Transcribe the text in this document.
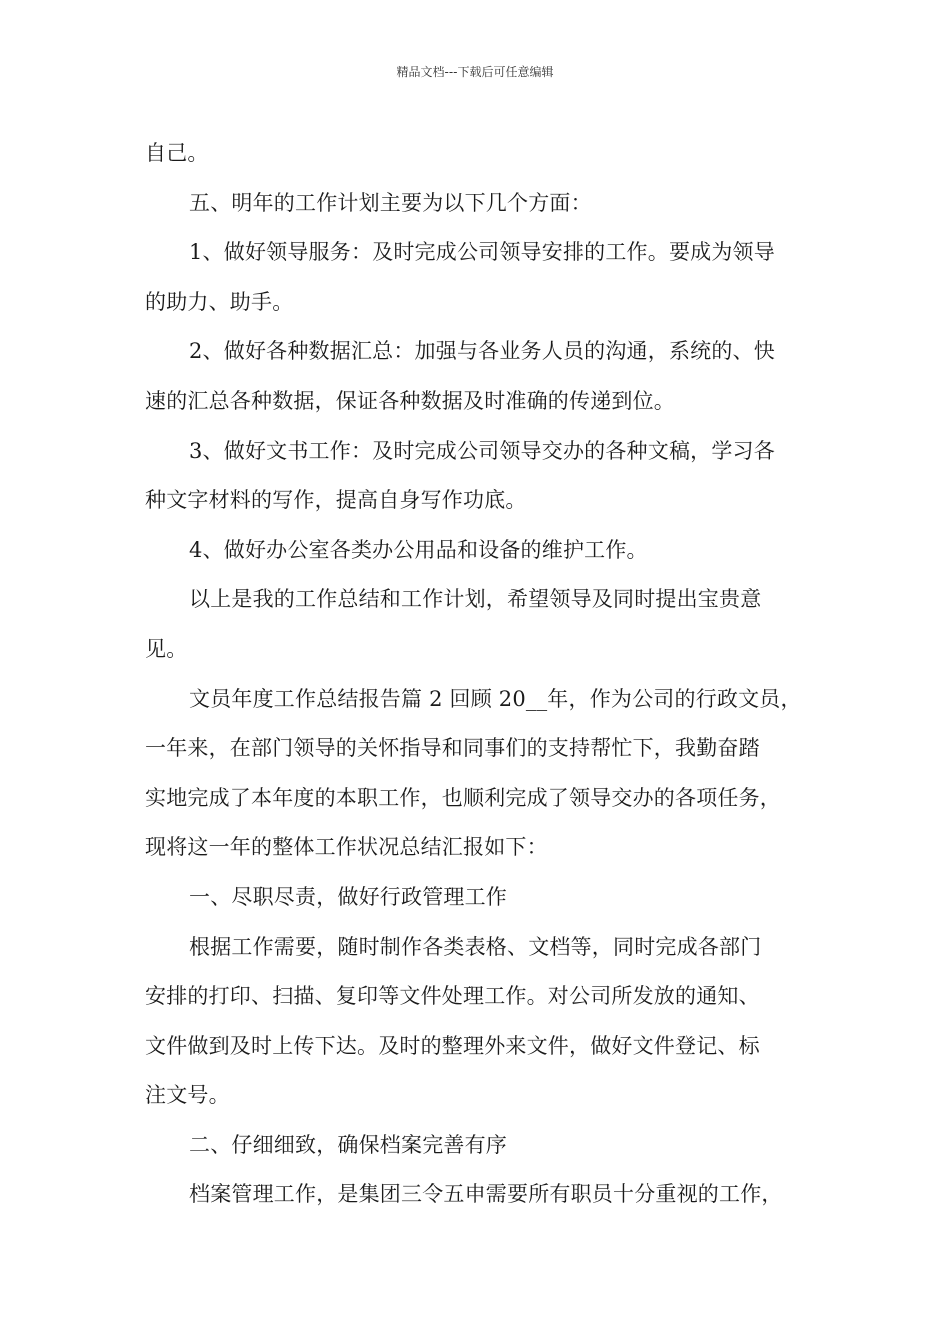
精品文档---下载后可任意编辑
自己。
五、明年的工作计划主要为以下几个方面：
1、做好领导服务：及时完成公司领导安排的工作。要成为领导
的助力、助手。
2、做好各种数据汇总：加强与各业务人员的沟通，系统的、快
速的汇总各种数据，保证各种数据及时准确的传递到位。
3、做好文书工作：及时完成公司领导交办的各种文稿，学习各
种文字材料的写作，提高自身写作功底。
4、做好办公室各类办公用品和设备的维护工作。
以上是我的工作总结和工作计划，希望领导及同时提出宝贵意
见。
文员年度工作总结报告篇 2 回顾 20__年，作为公司的行政文员，
一年来，在部门领导的关怀指导和同事们的支持帮忙下，我勤奋踏
实地完成了本年度的本职工作，也顺利完成了领导交办的各项任务，
现将这一年的整体工作状况总结汇报如下：
一、尽职尽责，做好行政管理工作
根据工作需要，随时制作各类表格、文档等，同时完成各部门
安排的打印、扫描、复印等文件处理工作。对公司所发放的通知、
文件做到及时上传下达。及时的整理外来文件，做好文件登记、标
注文号。
二、仔细细致，确保档案完善有序
档案管理工作，是集团三令五申需要所有职员十分重视的工作，
